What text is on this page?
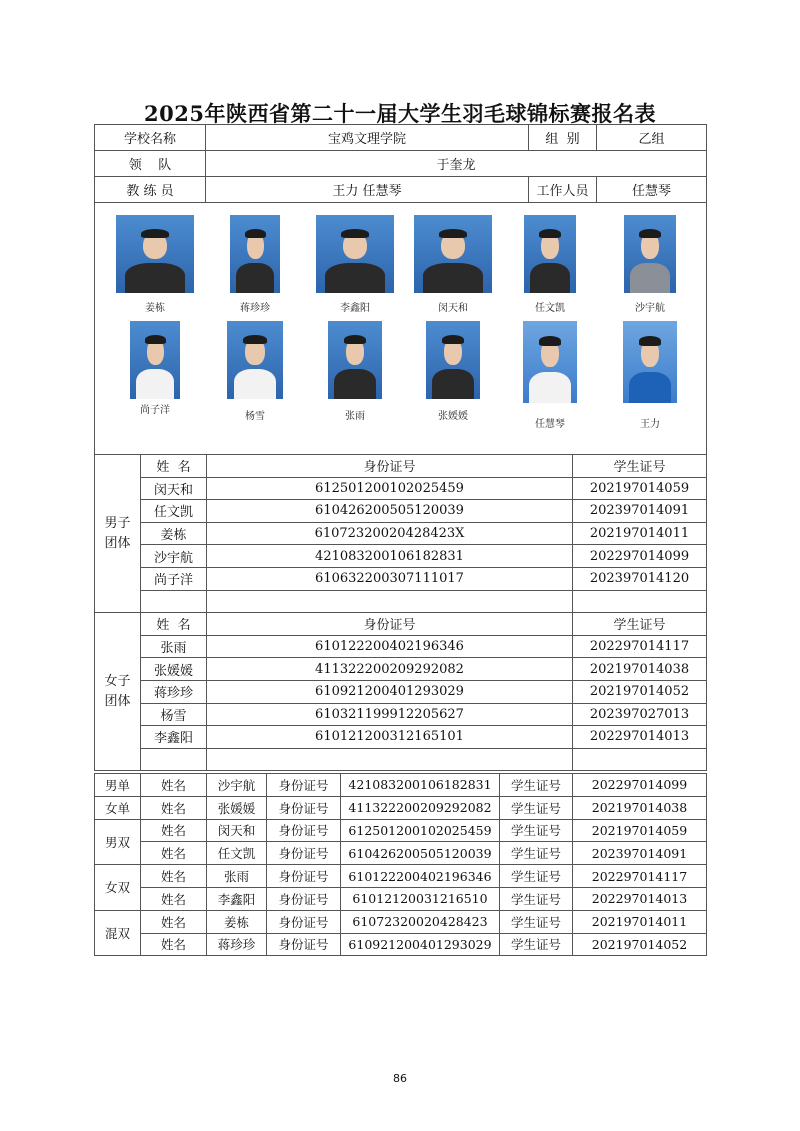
2025年陕西省第二十一届大学生羽毛球锦标赛报名表
学校名称	宝鸡文理学院	组  别	乙组
领    队	于奎龙		
教 练 员	王力 任慧琴	工作人员	任慧琴
姜栋	蒋珍珍	李鑫阳	闵天和	任文凯	沙宇航
尚子洋
杨雪	张雨	张媛媛
任慧琴	王力
男子
团体	姓  名	身份证号	学生证号
	闵天和	612501200102025459	202197014059
	任文凯	610426200505120039	202397014091
	姜栋	61072320020428423X	202197014011
	沙宇航	421083200106182831	202297014099
	尚子洋	610632200307111017	202397014120

女子
团体	姓  名	身份证号	学生证号
	张雨	610122200402196346	202297014117
	张媛媛	411322200209292082	202197014038
	蒋珍珍	610921200401293029	202197014052
	杨雪	610321199912205627	202397027013
	李鑫阳	610121200312165101	202297014013

男单	姓名	沙宇航	身份证号	421083200106182831	学生证号	202297014099
女单	姓名	张媛媛	身份证号	411322200209292082	学生证号	202197014038
男双	姓名	闵天和	身份证号	612501200102025459	学生证号	202197014059
	姓名	任文凯	身份证号	610426200505120039	学生证号	202397014091
女双	姓名	张雨	身份证号	610122200402196346	学生证号	202297014117
	姓名	李鑫阳	身份证号	61012120031216510	学生证号	202297014013
混双	姓名	姜栋	身份证号	61072320020428423	学生证号	202197014011
	姓名	蒋珍珍	身份证号	610921200401293029	学生证号	202197014052
86
